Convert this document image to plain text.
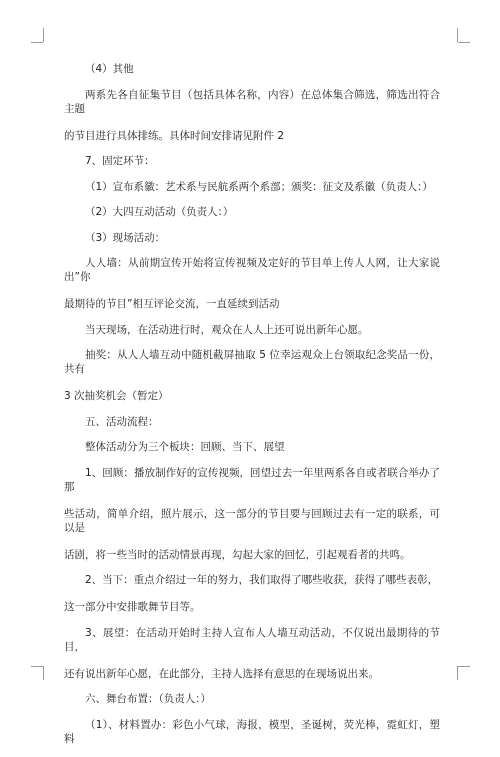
（4）其他
两系先各自征集节目（包括具体名称，内容）在总体集合筛选，筛选出符合主题
的节目进行具体排练。具体时间安排请见附件 2
7、固定环节：
（1）宣布系徽：艺术系与民航系两个系部；颁奖：征文及系徽（负责人：）
（2）大四互动活动（负责人：）
（3）现场活动：
人人墙：从前期宣传开始将宣传视频及定好的节目单上传人人网，让大家说出”你
最期待的节目”相互评论交流，一直延续到活动
当天现场，在活动进行时，观众在人人上还可说出新年心愿。
抽奖：从人人墙互动中随机截屏抽取 5 位幸运观众上台领取纪念奖品一份，共有
3 次抽奖机会（暂定）
五、活动流程：
整体活动分为三个板块：回顾、当下、展望
1、回顾：播放制作好的宣传视频，回望过去一年里两系各自或者联合举办了那
些活动，简单介绍，照片展示，这一部分的节目要与回顾过去有一定的联系，可以是
话剧，将一些当时的活动情景再现，勾起大家的回忆，引起观看者的共鸣。
2、当下：重点介绍过一年的努力，我们取得了哪些收获，获得了哪些表彰，
这一部分中安排歌舞节目等。
3、展望：在活动开始时主持人宣布人人墙互动活动，不仅说出最期待的节目，
还有说出新年心愿，在此部分，主持人选择有意思的在现场说出来。
六、舞台布置：（负责人：）
（1）、材料置办：彩色小气球，海报，模型，圣诞树，荧光棒，霓虹灯，塑料
